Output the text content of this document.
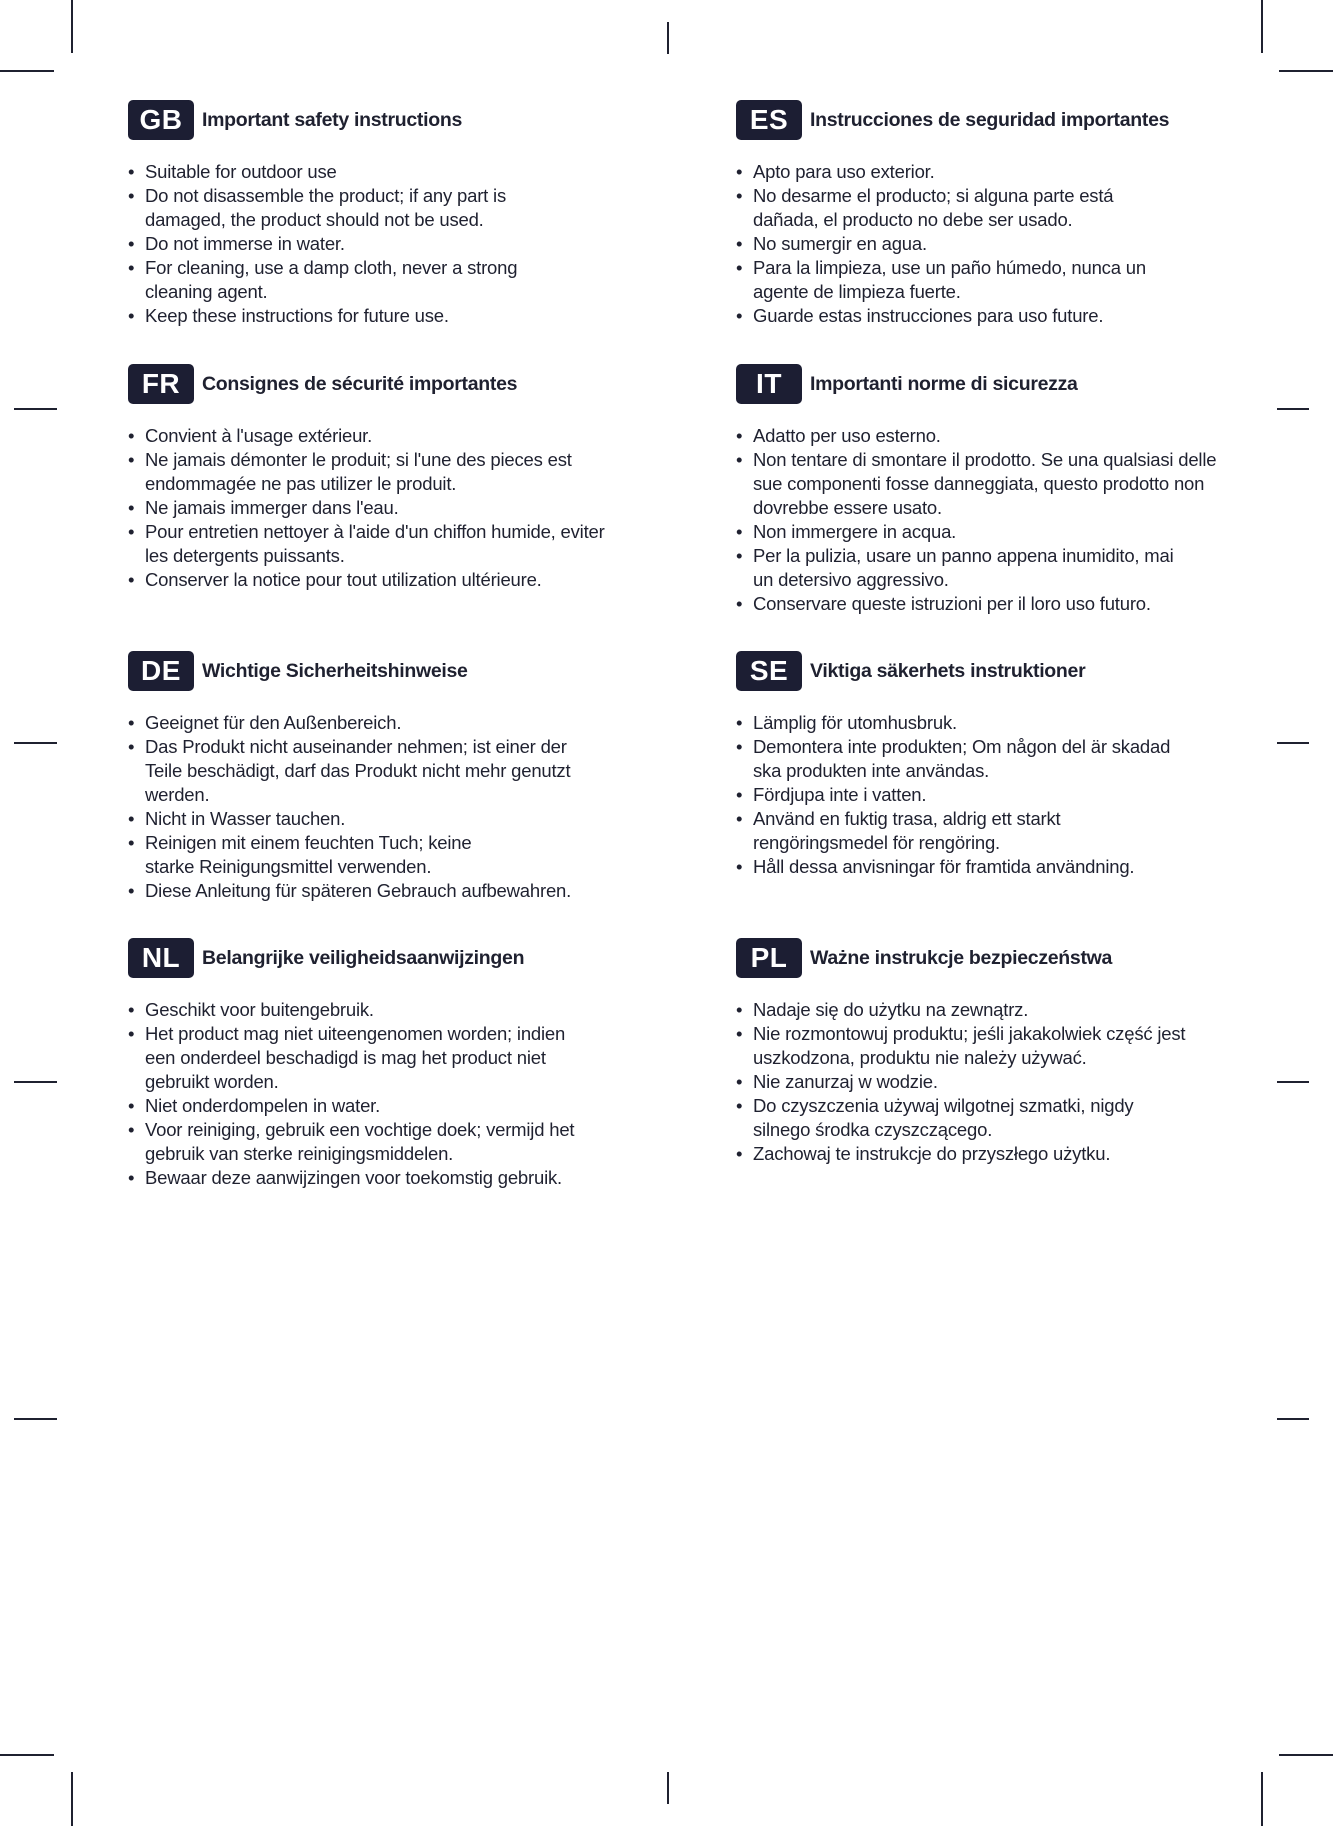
GB	Important safety instructions
• Suitable for outdoor use
• Do not disassemble the product; if any part is damaged, the product should not be used.
• Do not immerse in water.
• For cleaning, use a damp cloth, never a strong cleaning agent.
• Keep these instructions for future use.
ES	Instrucciones de seguridad importantes
• Apto para uso exterior.
• No desarme el producto; si alguna parte está dañada, el producto no debe ser usado.
• No sumergir en agua.
• Para la limpieza, use un paño húmedo, nunca un agente de limpieza fuerte.
• Guarde estas instrucciones para uso future.
FR	Consignes de sécurité importantes
• Convient à l'usage extérieur.
• Ne jamais démonter le produit; si l'une des pieces est endommagée ne pas utilizer le produit.
• Ne jamais immerger dans l'eau.
• Pour entretien nettoyer à l'aide d'un chiffon humide, eviter les detergents puissants.
• Conserver la notice pour tout utilization ultérieure.
IT	Importanti norme di sicurezza
• Adatto per uso esterno.
• Non tentare di smontare il prodotto. Se una qualsiasi delle sue componenti fosse danneggiata, questo prodotto non dovrebbe essere usato.
• Non immergere in acqua.
• Per la pulizia, usare un panno appena inumidito, mai un detersivo aggressivo.
• Conservare queste istruzioni per il loro uso futuro.
DE	Wichtige Sicherheitshinweise
• Geeignet für den Außenbereich.
• Das Produkt nicht auseinander nehmen; ist einer der Teile beschädigt, darf das Produkt nicht mehr genutzt werden.
• Nicht in Wasser tauchen.
• Reinigen mit einem feuchten Tuch; keine starke Reinigungsmittel verwenden.
• Diese Anleitung für späteren Gebrauch aufbewahren.
SE	Viktiga säkerhets instruktioner
• Lämplig för utomhusbruk.
• Demontera inte produkten; Om någon del är skadad ska produkten inte användas.
• Fördjupa inte i vatten.
• Använd en fuktig trasa, aldrig ett starkt rengöringsmedel för rengöring.
• Håll dessa anvisningar för framtida användning.
NL	Belangrijke veiligheidsaanwijzingen
• Geschikt voor buitengebruik.
• Het product mag niet uiteengenomen worden; indien een onderdeel beschadigd is mag het product niet gebruikt worden.
• Niet onderdompelen in water.
• Voor reiniging, gebruik een vochtige doek; vermijd het gebruik van sterke reinigingsmiddelen.
• Bewaar deze aanwijzingen voor toekomstig gebruik.
PL	Ważne instrukcje bezpieczeństwa
• Nadaje się do użytku na zewnątrz.
• Nie rozmontowuj produktu; jeśli jakakolwiek część jest uszkodzona, produktu nie należy używać.
• Nie zanurzaj w wodzie.
• Do czyszczenia używaj wilgotnej szmatki, nigdy silnego środka czyszczącego.
• Zachowaj te instrukcje do przyszłego użytku.
